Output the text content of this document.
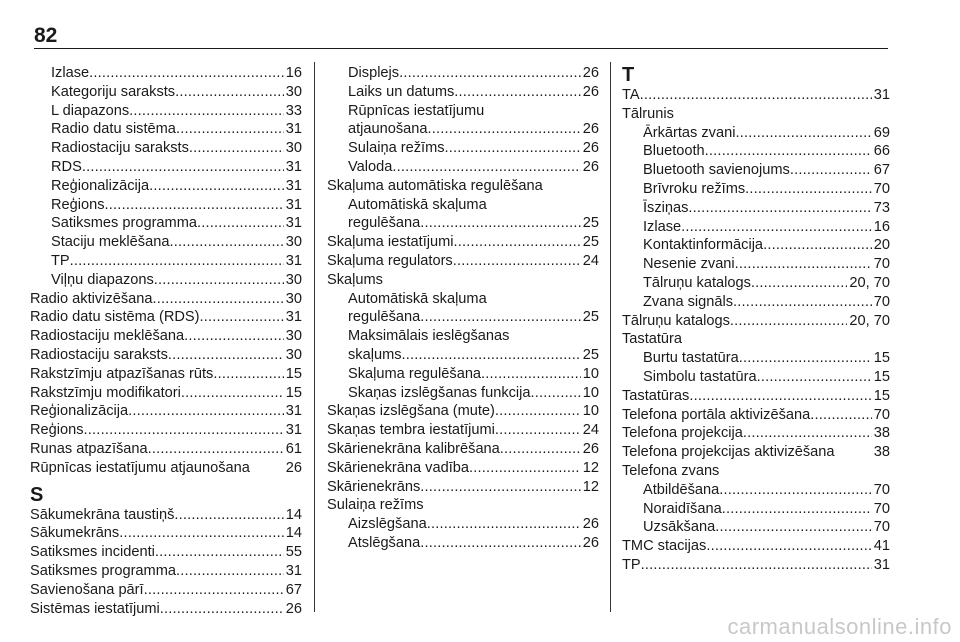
82
Izlase .....	16
Kategoriju saraksts .....	30
L diapazons .....	33
Radio datu sistēma .....	31
Radiostaciju saraksts .....	30
RDS .....	31
Reģionalizācija .....	31
Reģions .....	31
Satiksmes programma .....	31
Staciju meklēšana .....	30
TP .....	31
Viļņu diapazons .....	30
Radio aktivizēšana .....	30
Radio datu sistēma (RDS) .....	31
Radiostaciju meklēšana .....	30
Radiostaciju saraksts .....	30
Rakstzīmju atpazīšanas rūts .....	15
Rakstzīmju modifikatori .....	15
Reģionalizācija .....	31
Reģions .....	31
Runas atpazīšana .....	61
Rūpnīcas iestatījumu atjaunošana 26
S
Sākumekrāna taustiņš .....	14
Sākumekrāns .....	14
Satiksmes incidenti .....	55
Satiksmes programma .....	31
Savienošana pārī .....	67
Sistēmas iestatījumi .....	26
Displejs .....	26
Laiks un datums .....	26
Rūpnīcas iestatījumu
atjaunošana .....	26
Sulaiņa režīms .....	26
Valoda .....	26
Skaļuma automātiska regulēšana
Automātiskā skaļuma
regulēšana .....	25
Skaļuma iestatījumi .....	25
Skaļuma regulators .....	24
Skaļums
Automātiskā skaļuma
regulēšana .....	25
Maksimālais ieslēgšanas
skaļums .....	25
Skaļuma regulēšana .....	10
Skaņas izslēgšanas funkcija .....	10
Skaņas izslēgšana (mute) .....	10
Skaņas tembra iestatījumi .....	24
Skārienekrāna kalibrēšana .....	26
Skārienekrāna vadība .....	12
Skārienekrāns .....	12
Sulaiņa režīms
Aizslēgšana .....	26
Atslēgšana .....	26
T
TA .....	31
Tālrunis
Ārkārtas zvani .....	69
Bluetooth .....	66
Bluetooth savienojums .....	67
Brīvroku režīms .....	70
Īsziņas .....	73
Izlase .....	16
Kontaktinformācija .....	20
Nesenie zvani .....	70
Tālruņu katalogs .....	20, 70
Zvana signāls .....	70
Tālruņu katalogs .....	20, 70
Tastatūra
Burtu tastatūra .....	15
Simbolu tastatūra .....	15
Tastatūras .....	15
Telefona portāla aktivizēšana .....	70
Telefona projekcija .....	38
Telefona projekcijas aktivizēšana	38
Telefona zvans
Atbildēšana .....	70
Noraidīšana .....	70
Uzsākšana .....	70
TMC stacijas .....	41
TP .....	31
carmanualsonline.info
